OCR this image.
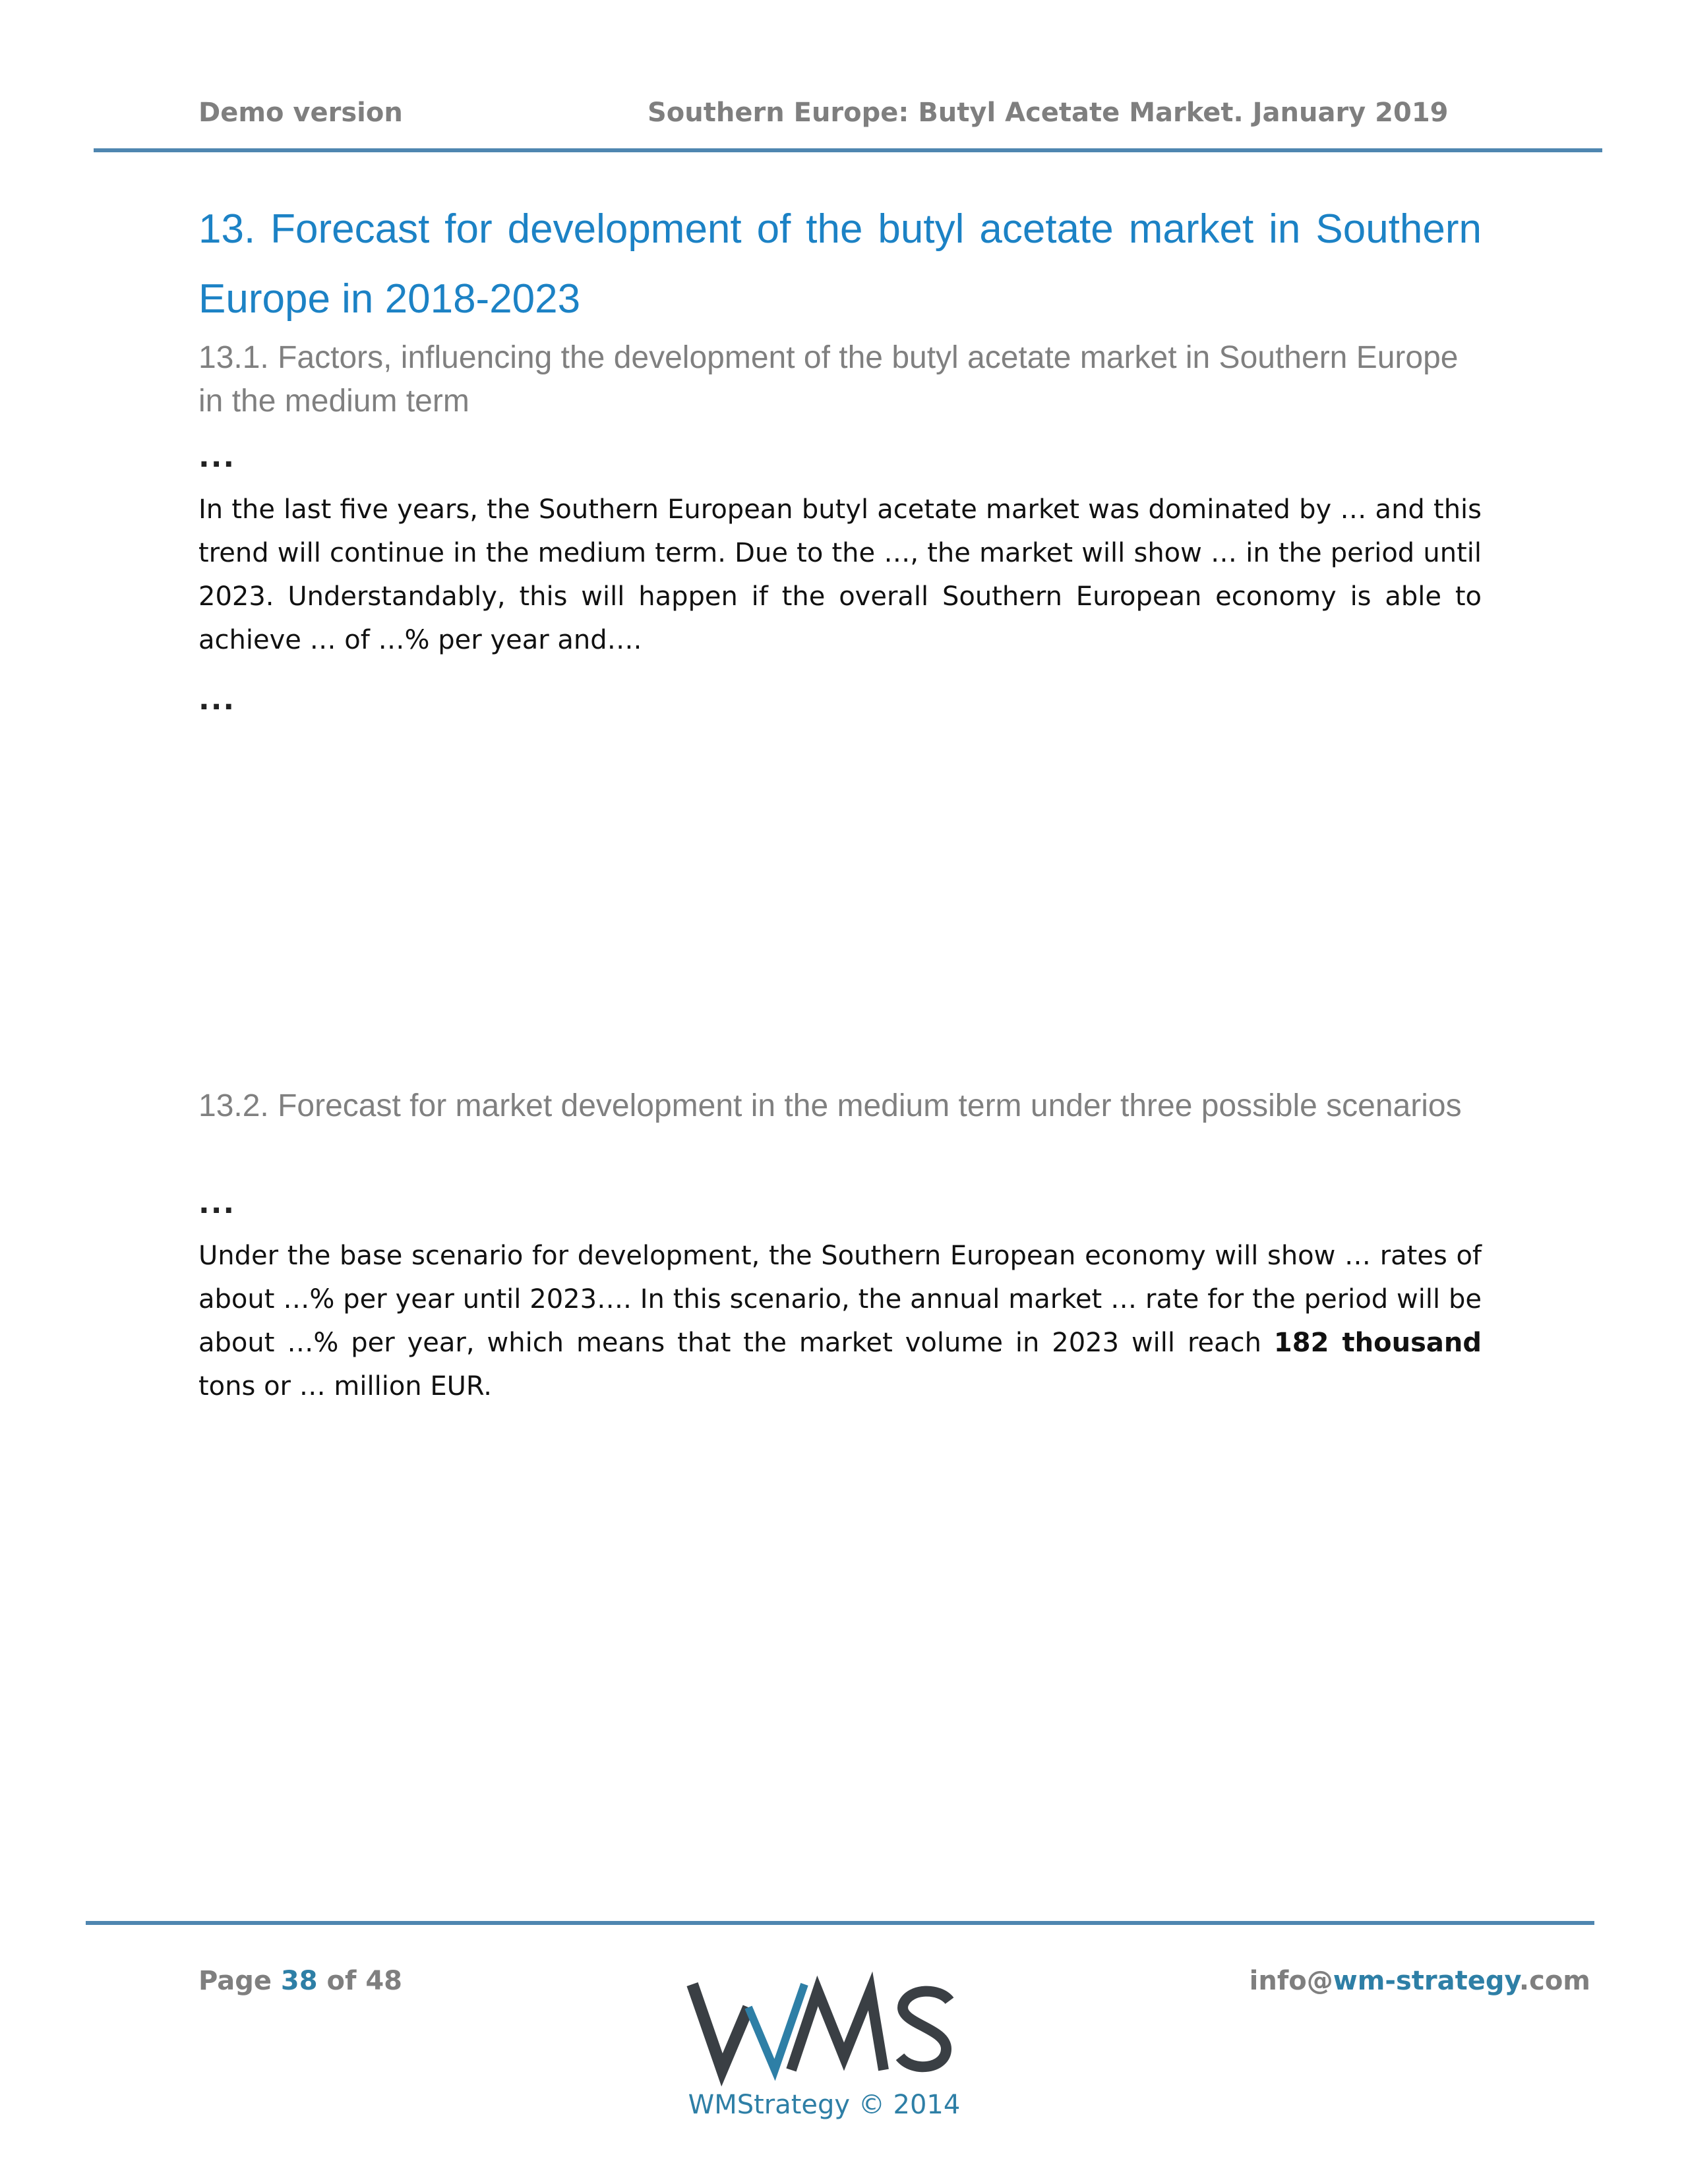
Demo version	Southern Europe: Butyl Acetate Market. January 2019
13. Forecast for development of the butyl acetate market in Southern Europe in 2018-2023
13.1. Factors, influencing the development of the butyl acetate market in Southern Europe in the medium term
...
In the last five years, the Southern European butyl acetate market was dominated by … and this trend will continue in the medium term. Due to the …, the market will show … in the period until 2023. Understandably, this will happen if the overall Southern European economy is able to achieve … of …% per year and….
...
13.2. Forecast for market development in the medium term under three possible scenarios
...
Under the base scenario for development, the Southern European economy will show … rates of about …% per year until 2023…. In this scenario, the annual market … rate for the period will be about …% per year, which means that the market volume in 2023 will reach 182 thousand tons or … million EUR.
Page 38 of 48	info@wm-strategy.com
WMStrategy © 2014
